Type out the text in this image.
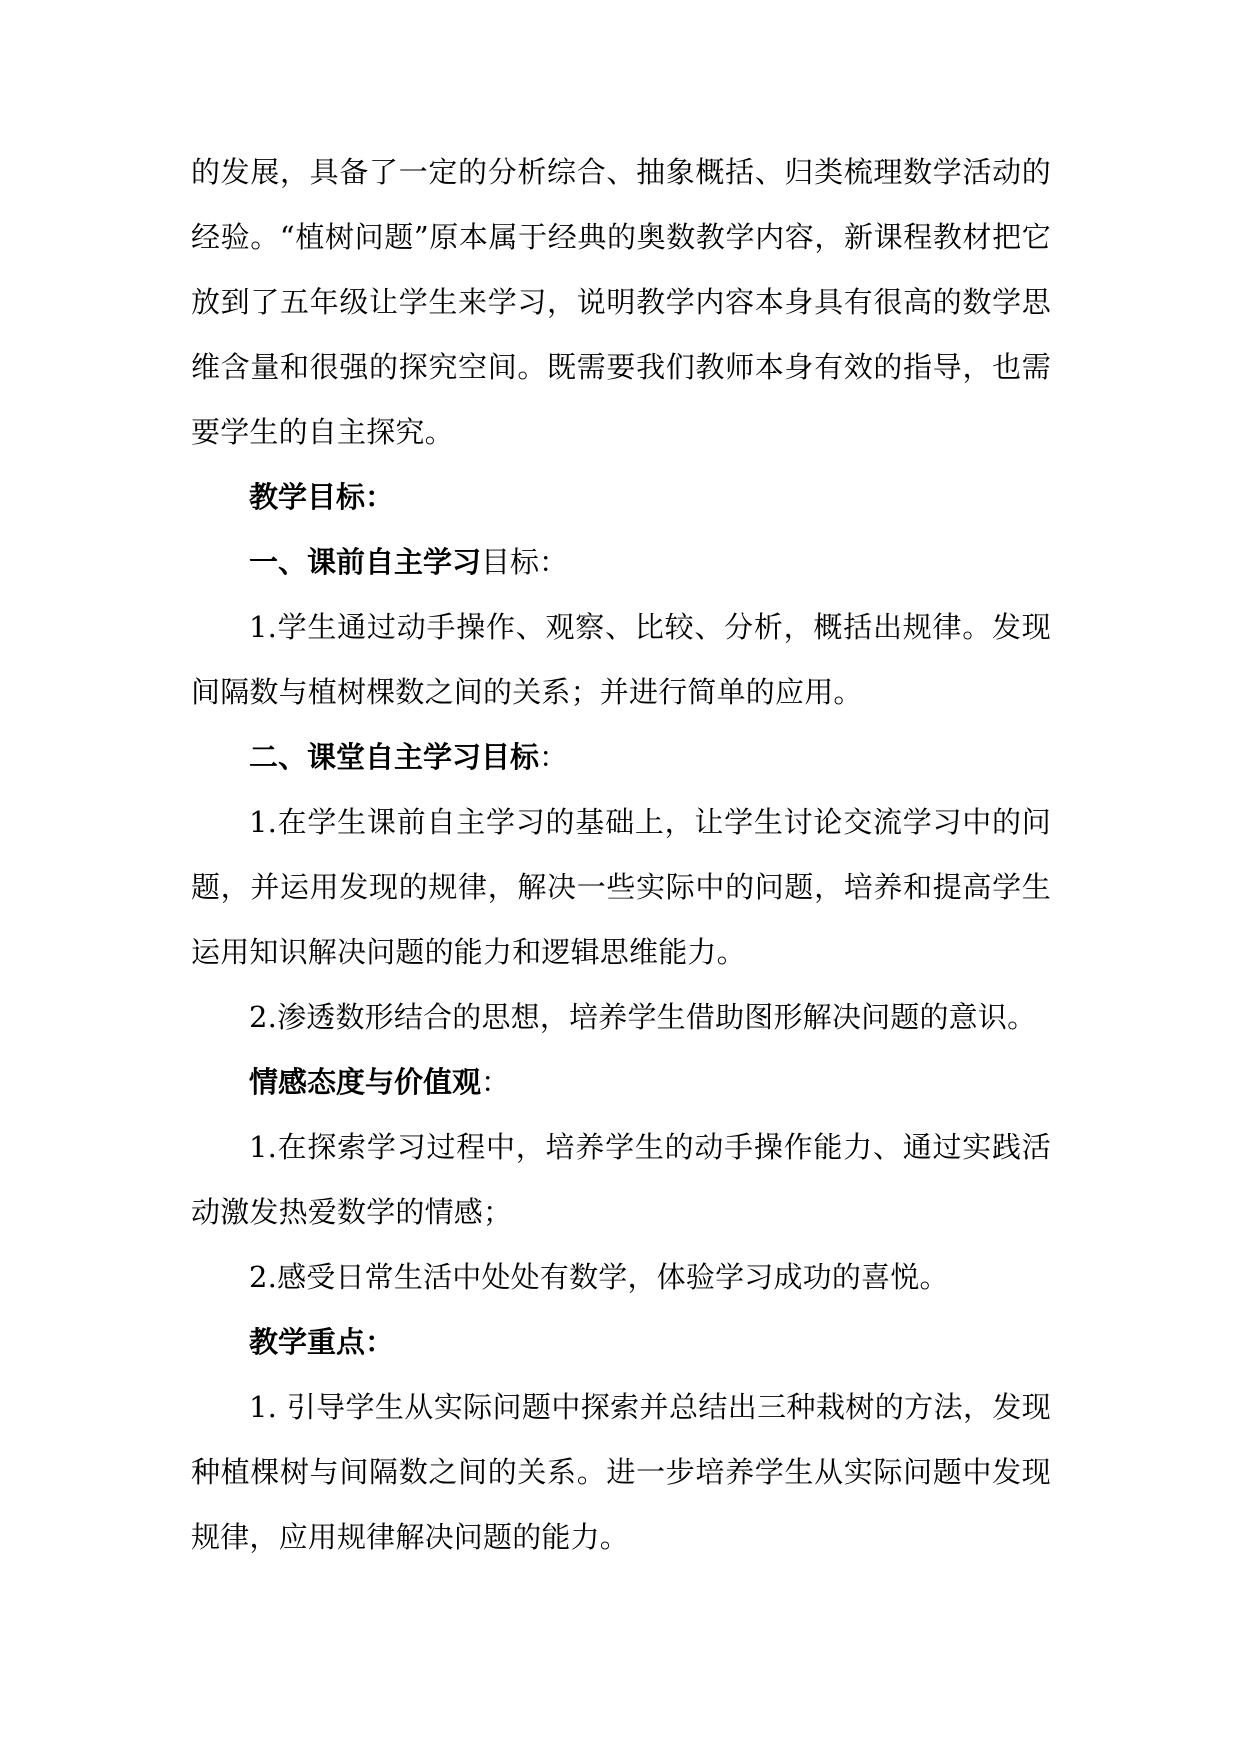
的发展，具备了一定的分析综合、抽象概括、归类梳理数学活动的经验。“植树问题”原本属于经典的奥数教学内容，新课程教材把它放到了五年级让学生来学习，说明教学内容本身具有很高的数学思维含量和很强的探究空间。既需要我们教师本身有效的指导，也需要学生的自主探究。

教学目标：

一、课前自主学习目标：

1.学生通过动手操作、观察、比较、分析，概括出规律。发现间隔数与植树棵数之间的关系；并进行简单的应用。

二、课堂自主学习目标：

1.在学生课前自主学习的基础上，让学生讨论交流学习中的问题，并运用发现的规律，解决一些实际中的问题，培养和提高学生运用知识解决问题的能力和逻辑思维能力。

2.渗透数形结合的思想，培养学生借助图形解决问题的意识。

情感态度与价值观：

1.在探索学习过程中，培养学生的动手操作能力、通过实践活动激发热爱数学的情感；

2.感受日常生活中处处有数学，体验学习成功的喜悦。

教学重点：

1. 引导学生从实际问题中探索并总结出三种栽树的方法，发现种植棵树与间隔数之间的关系。进一步培养学生从实际问题中发现规律，应用规律解决问题的能力。
